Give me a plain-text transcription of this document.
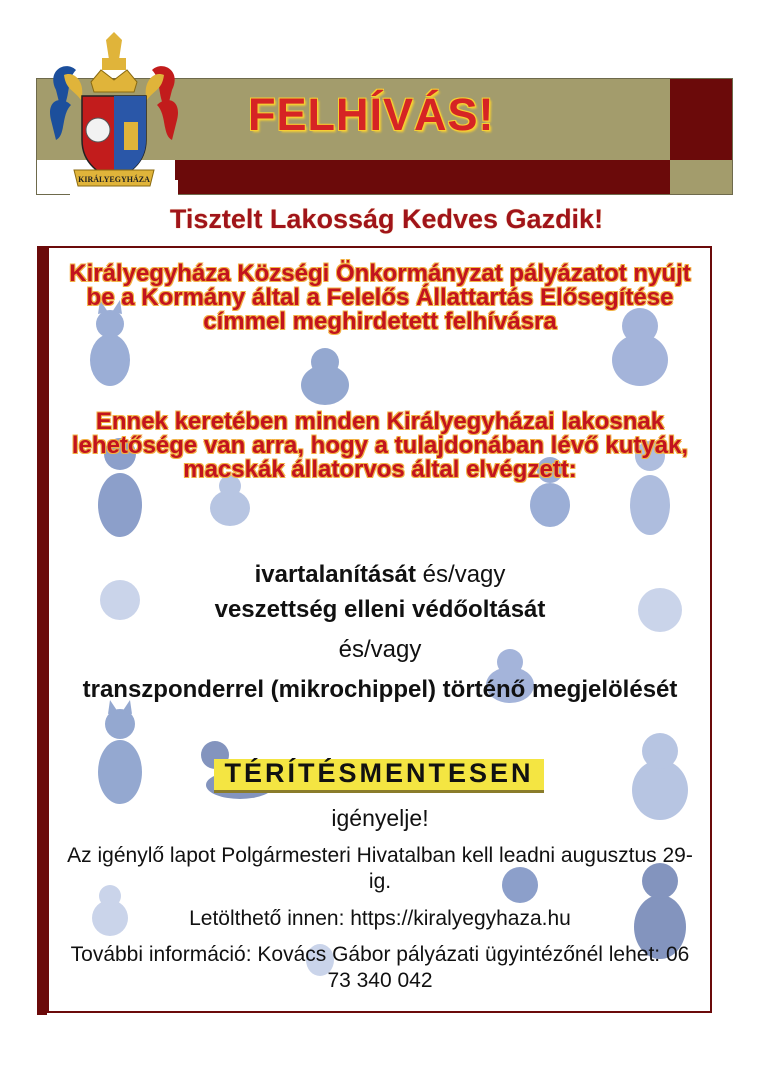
KIRÁLYEGYHÁZA
FELHÍVÁS!
Tisztelt Lakosság Kedves Gazdik!
Királyegyháza Községi Önkormányzat pályázatot nyújt be a Kormány által a Felelős Állattartás Elősegítése címmel meghirdetett felhívásra
Ennek keretében minden Királyegyházai lakosnak lehetősége van arra, hogy a tulajdonában lévő kutyák, macskák állatorvos által elvégzett:
ivartalanítását és/vagy
veszettség elleni védőoltását
és/vagy
transzponderrel (mikrochippel) történő megjelölését
TÉRÍTÉSMENTESEN
igényelje!
Az igénylő lapot Polgármesteri Hivatalban kell leadni augusztus 29-ig.
Letölthető innen: https://kiralyegyhaza.hu
További információ: Kovács Gábor pályázati ügyintézőnél lehet: 06 73 340 042
